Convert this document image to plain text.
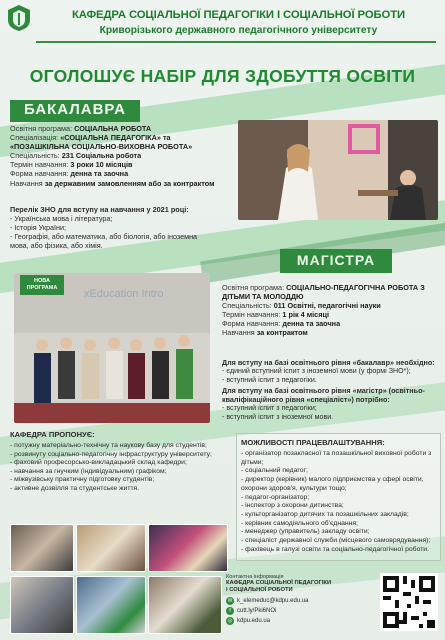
КАФЕДРА СОЦІАЛЬНОЇ ПЕДАГОГІКИ І СОЦІАЛЬНОЇ РОБОТИ
Криворізького державного педагогічного університету
ОГОЛОШУЄ НАБІР ДЛЯ ЗДОБУТТЯ ОСВІТИ
БАКАЛАВРА
Освітня програма: СОЦІАЛЬНА РОБОТА
Спеціалізація: «СОЦІАЛЬНА ПЕДАГОГІКА» та
«ПОЗАШКІЛЬНА СОЦІАЛЬНО-ВИХОВНА РОБОТА»
Спеціальність: 231 Соціальна робота
Термін навчання: 3 роки 10 місяців
Форма навчання: денна та заочна
Навчання за державним замовленням або за контрактом
Перелік ЗНО для вступу на навчання у 2021 році:
- Українська мова і література;
- Історія України;
- Географія, або математика, або біологія, або іноземна
мова, або фізика, або хімія.
МАГІСТРА
xEducation Intro
НОВА ПРОГРАМА	Освітня програма: СОЦІАЛЬНО-ПЕДАГОГІЧНА РОБОТА З ДІТЬМИ ТА МОЛОДДЮ
Спеціальність: 011 Освітні, педагогічні науки
Термін навчання: 1 рік 4 місяці
Форма навчання: денна та заочна
Навчання за контрактом
Для вступу на базі освітнього рівня «бакалавр» необхідно:
- єдиний вступний іспит з іноземної мови (у формі ЗНО*);
- вступний іспит з педагогіки.
Для вступу на базі освітнього рівня «магістр» (освітньо-кваліфікаційного рівня «спеціаліст») потрібно:
- вступний іспит з педагогіки;
- вступний іспит з іноземної мови.
КАФЕДРА ПРОПОНУЄ:
- потужну матеріально-технічну та наукову базу для студентів;
- розвинуту соціально-педагогічну інфраструктуру університету;
- фаховий професорсько-викладацький склад кафедри;
- навчання за гнучким (індивідуальним) графіком;
- міжвузівську практичну підготовку студентів;
- активне дозвілля та студентське життя.
МОЖЛИВОСТІ ПРАЦЕВЛАШТУВАННЯ:
- організатор позакласної та позашкільної виховної роботи з дітьми;
- соціальний педагог;
- директор (керівник) малого підприємства у сфері освіти, охорони здоров'я, культури тощо;
- педагог-організатор;
- інспектор з охорони дитинства;
- культорганізатор дитячих та позашкільних закладів;
- керівник самодіяльного об'єднання;
- менеджер (управитель) закладу освіти;
- спеціаліст державної служби (місцевого самоврядування);
- фахівець в галузі освіти та соціально-педагогічної роботи.
Контактна інформація
КАФЕДРА СОЦІАЛЬНОЇ ПЕДАГОГІКИ
І СОЦІАЛЬНОЇ РОБОТИ
✉ k_elemeduc@kdpu.edu.ua
f	cutt.ly/Pki6NOi
◎ kdpu.edu.ua
